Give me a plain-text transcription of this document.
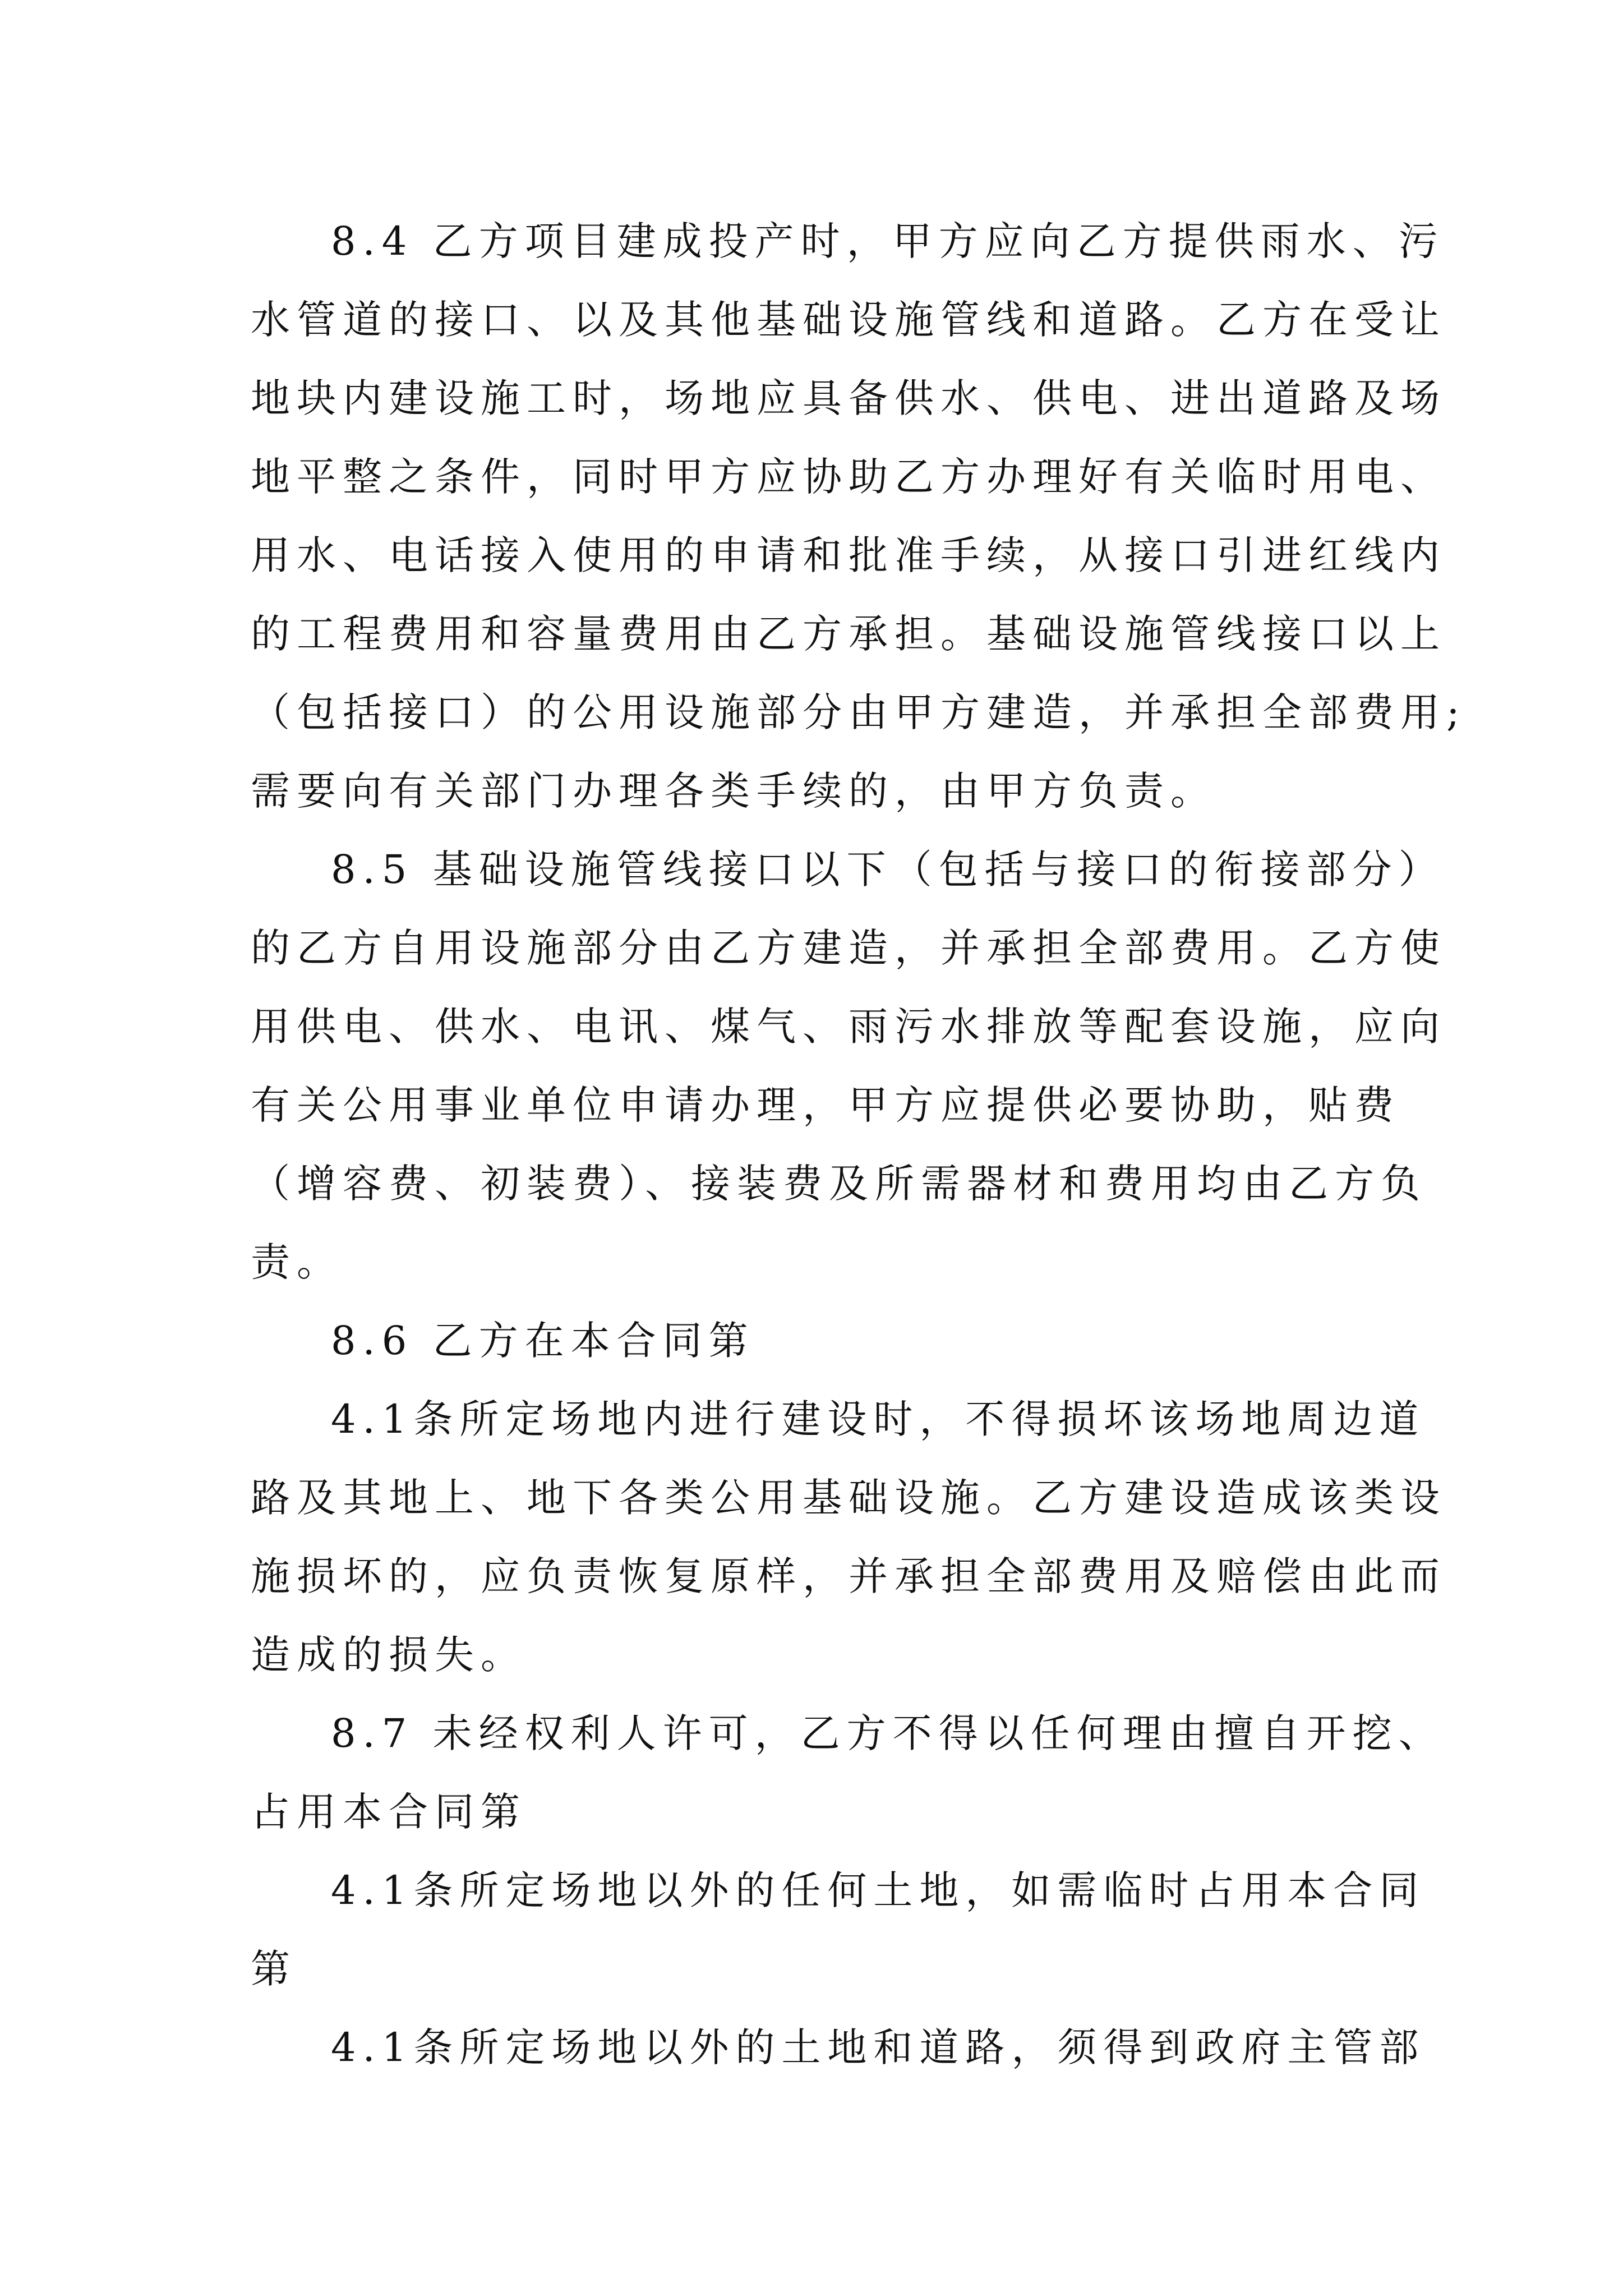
8.4 乙方项目建成投产时，甲方应向乙方提供雨水、污

水管道的接口、以及其他基础设施管线和道路。乙方在受让

地块内建设施工时，场地应具备供水、供电、进出道路及场

地平整之条件，同时甲方应协助乙方办理好有关临时用电、

用水、电话接入使用的申请和批准手续，从接口引进红线内

的工程费用和容量费用由乙方承担。基础设施管线接口以上

（包括接口）的公用设施部分由甲方建造，并承担全部费用;

需要向有关部门办理各类手续的，由甲方负责。

8.5 基础设施管线接口以下（包括与接口的衔接部分）

的乙方自用设施部分由乙方建造，并承担全部费用。乙方使

用供电、供水、电讯、煤气、雨污水排放等配套设施，应向

有关公用事业单位申请办理，甲方应提供必要协助，贴费

（增容费、初装费）、接装费及所需器材和费用均由乙方负

责。

8.6 乙方在本合同第

4.1条所定场地内进行建设时，不得损坏该场地周边道

路及其地上、地下各类公用基础设施。乙方建设造成该类设

施损坏的，应负责恢复原样，并承担全部费用及赔偿由此而

造成的损失。

8.7 未经权利人许可，乙方不得以任何理由擅自开挖、

占用本合同第

4.1条所定场地以外的任何土地，如需临时占用本合同

第

4.1条所定场地以外的土地和道路，须得到政府主管部
